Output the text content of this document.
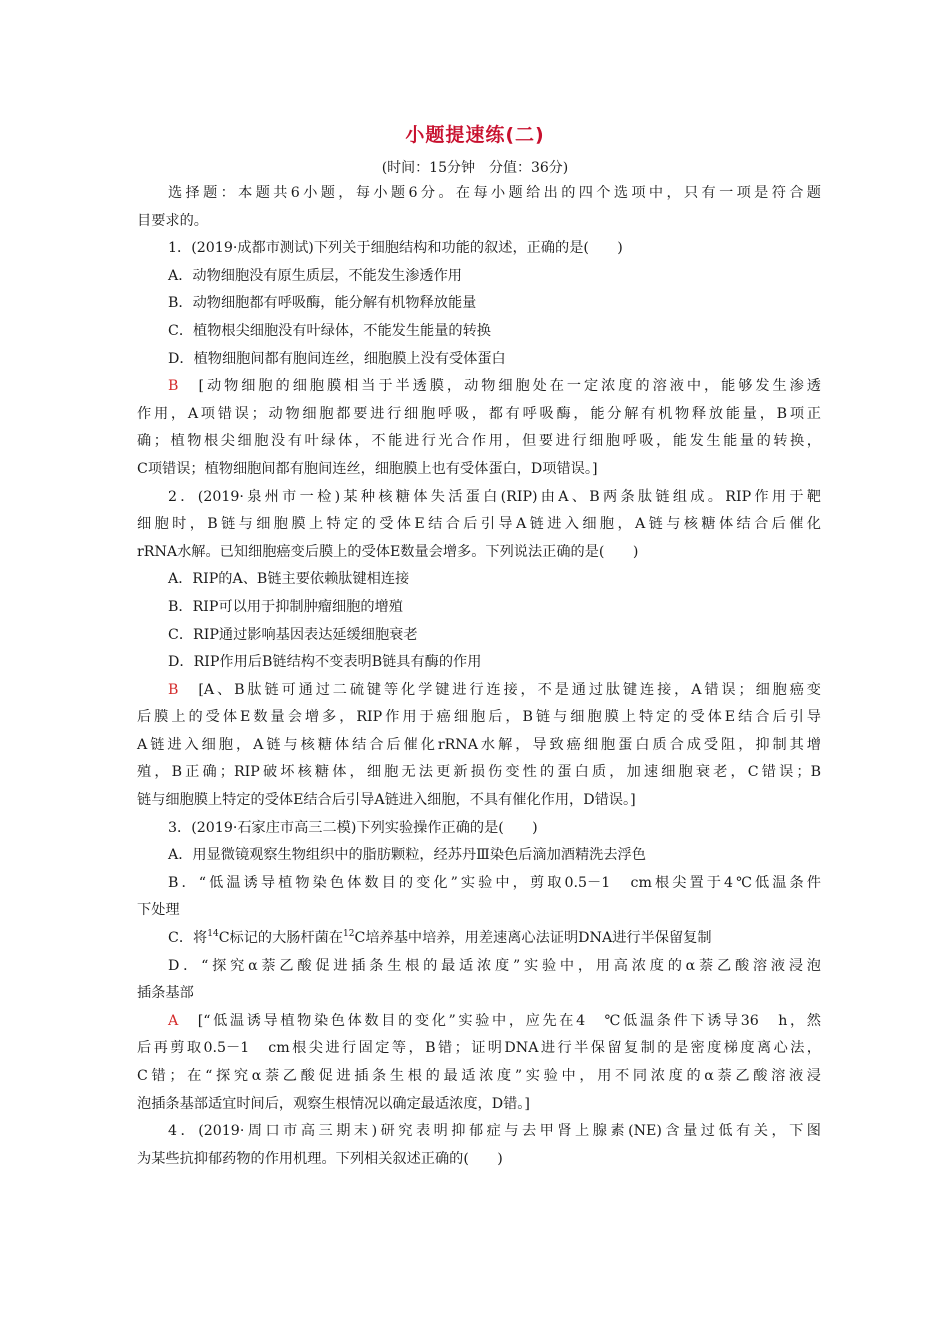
小题提速练(二)
(时间：15分钟　分值：36分)
选择题：本题共6小题，每小题6分。在每小题给出的四个选项中，只有一项是符合题
目要求的。
1．(2019·成都市测试)下列关于细胞结构和功能的叙述，正确的是(　　)
A．动物细胞没有原生质层，不能发生渗透作用
B．动物细胞都有呼吸酶，能分解有机物释放能量
C．植物根尖细胞没有叶绿体，不能发生能量的转换
D．植物细胞间都有胞间连丝，细胞膜上没有受体蛋白
B　 [动物细胞的细胞膜相当于半透膜，动物细胞处在一定浓度的溶液中，能够发生渗透
作用，A项错误；动物细胞都要进行细胞呼吸，都有呼吸酶，能分解有机物释放能量，B项正
确；植物根尖细胞没有叶绿体，不能进行光合作用，但要进行细胞呼吸，能发生能量的转换，
C项错误；植物细胞间都有胞间连丝，细胞膜上也有受体蛋白，D项错误。]
2．(2019·泉州市一检)某种核糖体失活蛋白(RIP)由A、B两条肽链组成。RIP作用于靶
细胞时，B链与细胞膜上特定的受体E结合后引导A链进入细胞，A链与核糖体结合后催化
rRNA水解。已知细胞癌变后膜上的受体E数量会增多。下列说法正确的是(　　)
A．RIP的A、B链主要依赖肽键相连接
B．RIP可以用于抑制肿瘤细胞的增殖
C．RIP通过影响基因表达延缓细胞衰老
D．RIP作用后B链结构不变表明B链具有酶的作用
B　 [A、B肽链可通过二硫键等化学键进行连接，不是通过肽键连接，A错误；细胞癌变
后膜上的受体E数量会增多，RIP作用于癌细胞后，B链与细胞膜上特定的受体E结合后引导
A链进入细胞，A链与核糖体结合后催化rRNA水解，导致癌细胞蛋白质合成受阻，抑制其增
殖，B正确；RIP破坏核糖体，细胞无法更新损伤变性的蛋白质，加速细胞衰老，C错误；B
链与细胞膜上特定的受体E结合后引导A链进入细胞，不具有催化作用，D错误。]
3．(2019·石家庄市高三二模)下列实验操作正确的是(　　)
A．用显微镜观察生物组织中的脂肪颗粒，经苏丹Ⅲ染色后滴加酒精洗去浮色
B．“低温诱导植物染色体数目的变化”实验中，剪取0.5－1　cm根尖置于4℃低温条件
下处理
C．将$^{14}$C标记的大肠杆菌在$^{12}$C培养基中培养，用差速离心法证明DNA进行半保留复制
D．“探究α萘乙酸促进插条生根的最适浓度”实验中，用高浓度的α萘乙酸溶液浸泡
插条基部
A　 [“低温诱导植物染色体数目的变化”实验中，应先在4　℃低温条件下诱导36　h，然
后再剪取0.5－1　cm根尖进行固定等，B错；证明DNA进行半保留复制的是密度梯度离心法，
C错；在“探究α萘乙酸促进插条生根的最适浓度”实验中，用不同浓度的α萘乙酸溶液浸
泡插条基部适宜时间后，观察生根情况以确定最适浓度，D错。]
4．(2019·周口市高三期末)研究表明抑郁症与去甲肾上腺素(NE)含量过低有关，下图
为某些抗抑郁药物的作用机理。下列相关叙述正确的(　　)
